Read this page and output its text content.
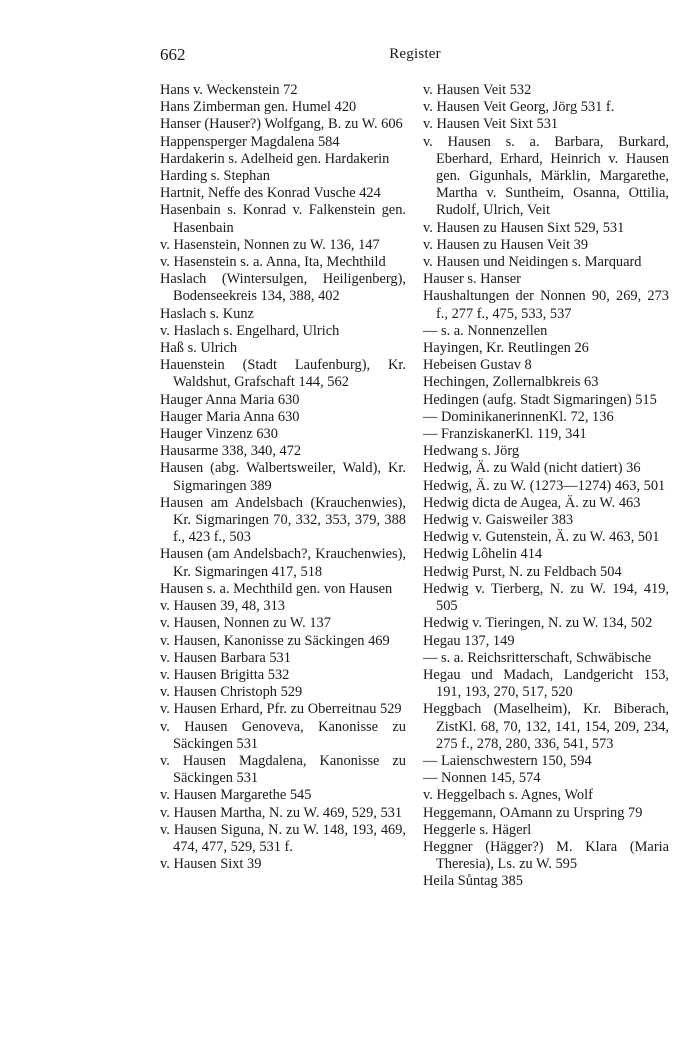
662	Register

Hans v. Weckenstein 72

Hans Zimberman gen. Humel 420

Hanser (Hauser?) Wolfgang, B. zu W. 606

Happensperger Magdalena 584

Hardakerin s. Adelheid gen. Hardakerin

Harding s. Stephan

Hartnit, Neffe des Konrad Vusche 424

Hasenbain s. Konrad v. Falkenstein gen. Hasenbain

v. Hasenstein, Nonnen zu W. 136, 147

v. Hasenstein s. a. Anna, Ita, Mechthild

Haslach (Wintersulgen, Heiligenberg), Bodenseekreis 134, 388, 402

Haslach s. Kunz

v. Haslach s. Engelhard, Ulrich

Haß s. Ulrich

Hauenstein (Stadt Laufenburg), Kr. Waldshut, Grafschaft 144, 562

Hauger Anna Maria 630

Hauger Maria Anna 630

Hauger Vinzenz 630

Hausarme 338, 340, 472

Hausen (abg. Walbertsweiler, Wald), Kr. Sigmaringen 389

Hausen am Andelsbach (Krauchenwies), Kr. Sigmaringen 70, 332, 353, 379, 388 f., 423 f., 503

Hausen (am Andelsbach?, Krauchenwies), Kr. Sigmaringen 417, 518

Hausen s. a. Mechthild gen. von Hausen

v. Hausen 39, 48, 313

v. Hausen, Nonnen zu W. 137

v. Hausen, Kanonisse zu Säckingen 469

v. Hausen Barbara 531

v. Hausen Brigitta 532

v. Hausen Christoph 529

v. Hausen Erhard, Pfr. zu Oberreitnau 529

v. Hausen Genoveva, Kanonisse zu Säckingen 531

v. Hausen Magdalena, Kanonisse zu Säckingen 531

v. Hausen Margarethe 545

v. Hausen Martha, N. zu W. 469, 529, 531

v. Hausen Siguna, N. zu W. 148, 193, 469, 474, 477, 529, 531 f.

v. Hausen Sixt 39

v. Hausen Veit 532

v. Hausen Veit Georg, Jörg 531 f.

v. Hausen Veit Sixt 531

v. Hausen s. a. Barbara, Burkard, Eberhard, Erhard, Heinrich v. Hausen gen. Gigunhals, Märklin, Margarethe, Martha v. Suntheim, Osanna, Ottilia, Rudolf, Ulrich, Veit

v. Hausen zu Hausen Sixt 529, 531

v. Hausen zu Hausen Veit 39

v. Hausen und Neidingen s. Marquard

Hauser s. Hanser

Haushaltungen der Nonnen 90, 269, 273 f., 277 f., 475, 533, 537

— s. a. Nonnenzellen

Hayingen, Kr. Reutlingen 26

Hebeisen Gustav 8

Hechingen, Zollernalbkreis 63

Hedingen (aufg. Stadt Sigmaringen) 515

— DominikanerinnenKl. 72, 136

— FranziskanerKl. 119, 341

Hedwang s. Jörg

Hedwig, Ä. zu Wald (nicht datiert) 36

Hedwig, Ä. zu W. (1273—1274) 463, 501

Hedwig dicta de Augea, Ä. zu W. 463

Hedwig v. Gaisweiler 383

Hedwig v. Gutenstein, Ä. zu W. 463, 501

Hedwig Lôhelin 414

Hedwig Purst, N. zu Feldbach 504

Hedwig v. Tierberg, N. zu W. 194, 419, 505

Hedwig v. Tieringen, N. zu W. 134, 502

Hegau 137, 149

— s. a. Reichsritterschaft, Schwäbische

Hegau und Madach, Landgericht 153, 191, 193, 270, 517, 520

Heggbach (Maselheim), Kr. Biberach, ZistKl. 68, 70, 132, 141, 154, 209, 234, 275 f., 278, 280, 336, 541, 573

— Laienschwestern 150, 594

— Nonnen 145, 574

v. Heggelbach s. Agnes, Wolf

Heggemann, OAmann zu Urspring 79

Heggerle s. Hägerl

Heggner (Hägger?) M. Klara (Maria Theresia), Ls. zu W. 595

Heila Sůntag 385
